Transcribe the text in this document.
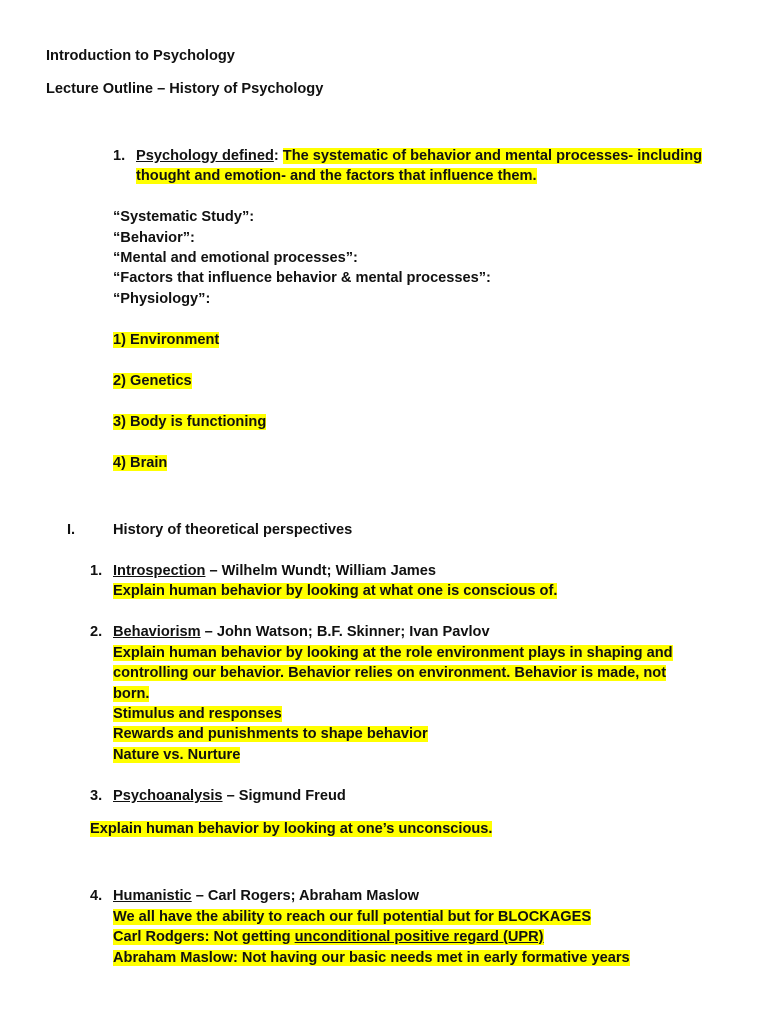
Introduction to Psychology
Lecture Outline – History of Psychology
1. Psychology defined: The systematic of behavior and mental processes- including
thought and emotion- and the factors that influence them.
“Systematic Study”:
“Behavior”:
“Mental and emotional processes”:
“Factors that influence behavior & mental processes”:
“Physiology”:
1) Environment
2) Genetics
3) Body is functioning
4) Brain
I.	History of theoretical perspectives
1. Introspection – Wilhelm Wundt; William James
Explain human behavior by looking at what one is conscious of.
2. Behaviorism – John Watson; B.F. Skinner; Ivan Pavlov
Explain human behavior by looking at the role environment plays in shaping and
controlling our behavior. Behavior relies on environment. Behavior is made, not
born.
Stimulus and responses
Rewards and punishments to shape behavior
Nature vs. Nurture
3. Psychoanalysis – Sigmund Freud
Explain human behavior by looking at one’s unconscious.
4. Humanistic – Carl Rogers; Abraham Maslow
We all have the ability to reach our full potential but for BLOCKAGES
Carl Rodgers: Not getting unconditional positive regard (UPR)
Abraham Maslow: Not having our basic needs met in early formative years
